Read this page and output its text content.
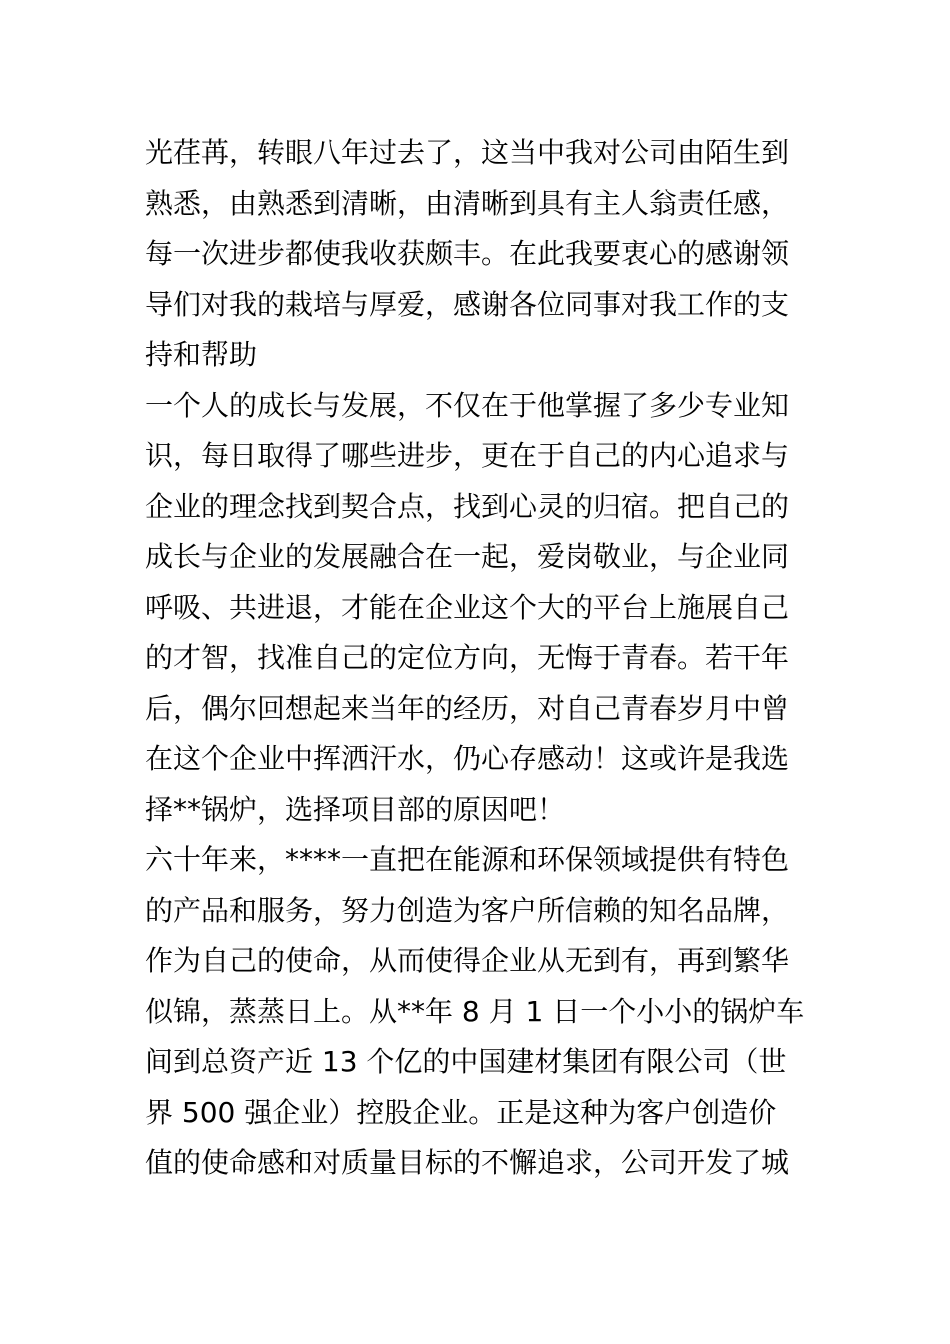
光荏苒，转眼八年过去了，这当中我对公司由陌生到
熟悉，由熟悉到清晰，由清晰到具有主人翁责任感，
每一次进步都使我收获颇丰。在此我要衷心的感谢领
导们对我的栽培与厚爱，感谢各位同事对我工作的支
持和帮助
一个人的成长与发展，不仅在于他掌握了多少专业知
识，每日取得了哪些进步，更在于自己的内心追求与
企业的理念找到契合点，找到心灵的归宿。把自己的
成长与企业的发展融合在一起，爱岗敬业，与企业同
呼吸、共进退，才能在企业这个大的平台上施展自己
的才智，找准自己的定位方向，无悔于青春。若干年
后，偶尔回想起来当年的经历，对自己青春岁月中曾
在这个企业中挥洒汗水，仍心存感动！这或许是我选
择**锅炉，选择项目部的原因吧！
六十年来，****一直把在能源和环保领域提供有特色
的产品和服务，努力创造为客户所信赖的知名品牌，
作为自己的使命，从而使得企业从无到有，再到繁华
似锦，蒸蒸日上。从**年 8 月 1 日一个小小的锅炉车
间到总资产近 13 个亿的中国建材集团有限公司（世
界 500 强企业）控股企业。正是这种为客户创造价
值的使命感和对质量目标的不懈追求，公司开发了城
